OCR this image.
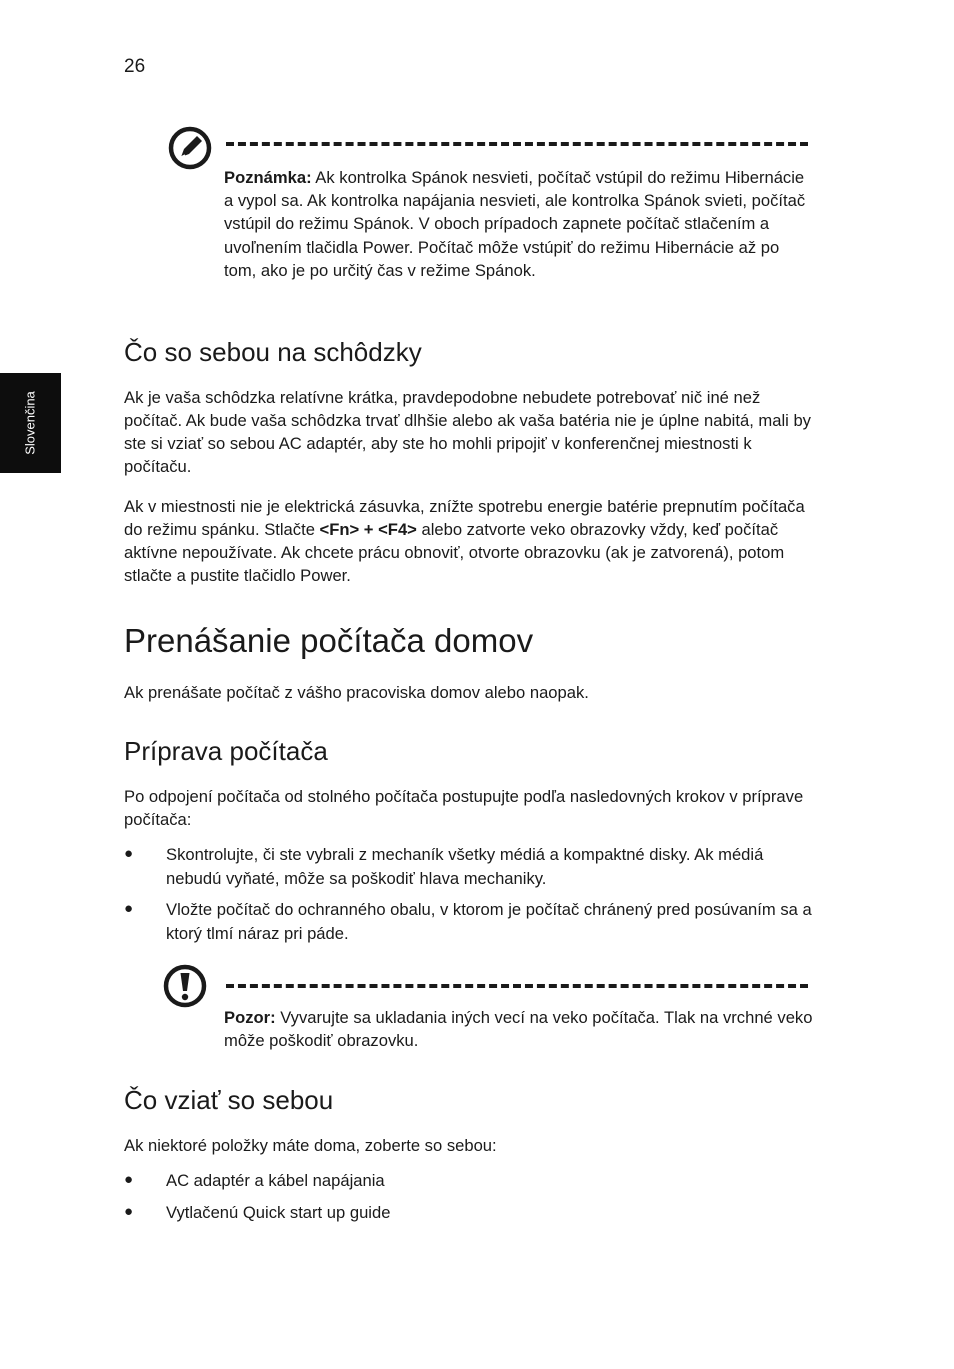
26
Slovenčina
Poznámka: Ak kontrolka Spánok nesvieti, počítač vstúpil do režimu Hibernácie a vypol sa. Ak kontrolka napájania nesvieti, ale kontrolka Spánok svieti, počítač vstúpil do režimu Spánok. V oboch prípadoch zapnete počítač stlačením a uvoľnením tlačidla Power. Počítač môže vstúpiť do režimu Hibernácie až po tom, ako je po určitý čas v režime Spánok.
Čo so sebou na schôdzky

Ak je vaša schôdzka relatívne krátka, pravdepodobne nebudete potrebovať nič iné než počítač. Ak bude vaša schôdzka trvať dlhšie alebo ak vaša batéria nie je úplne nabitá, mali by ste si vziať so sebou AC adaptér, aby ste ho mohli pripojiť v konferenčnej miestnosti k počítaču.

Ak v miestnosti nie je elektrická zásuvka, znížte spotrebu energie batérie prepnutím počítača do režimu spánku. Stlačte <Fn> + <F4> alebo zatvorte veko obrazovky vždy, keď počítač aktívne nepoužívate. Ak chcete prácu obnoviť, otvorte obrazovku (ak je zatvorená), potom stlačte a pustite tlačidlo Power.

Prenášanie počítača domov

Ak prenášate počítač z vášho pracoviska domov alebo naopak.

Príprava počítača

Po odpojení počítača od stolného počítača postupujte podľa nasledovných krokov v príprave počítača:

● Skontrolujte, či ste vybrali z mechaník všetky médiá a kompaktné disky. Ak médiá nebudú vyňaté, môže sa poškodiť hlava mechaniky.
● Vložte počítač do ochranného obalu, v ktorom je počítač chránený pred posúvaním sa a ktorý tlmí náraz pri páde.
Pozor: Vyvarujte sa ukladania iných vecí na veko počítača. Tlak na vrchné veko môže poškodiť obrazovku.
Čo vziať so sebou

Ak niektoré položky máte doma, zoberte so sebou:

● AC adaptér a kábel napájania
● Vytlačenú Quick start up guide
